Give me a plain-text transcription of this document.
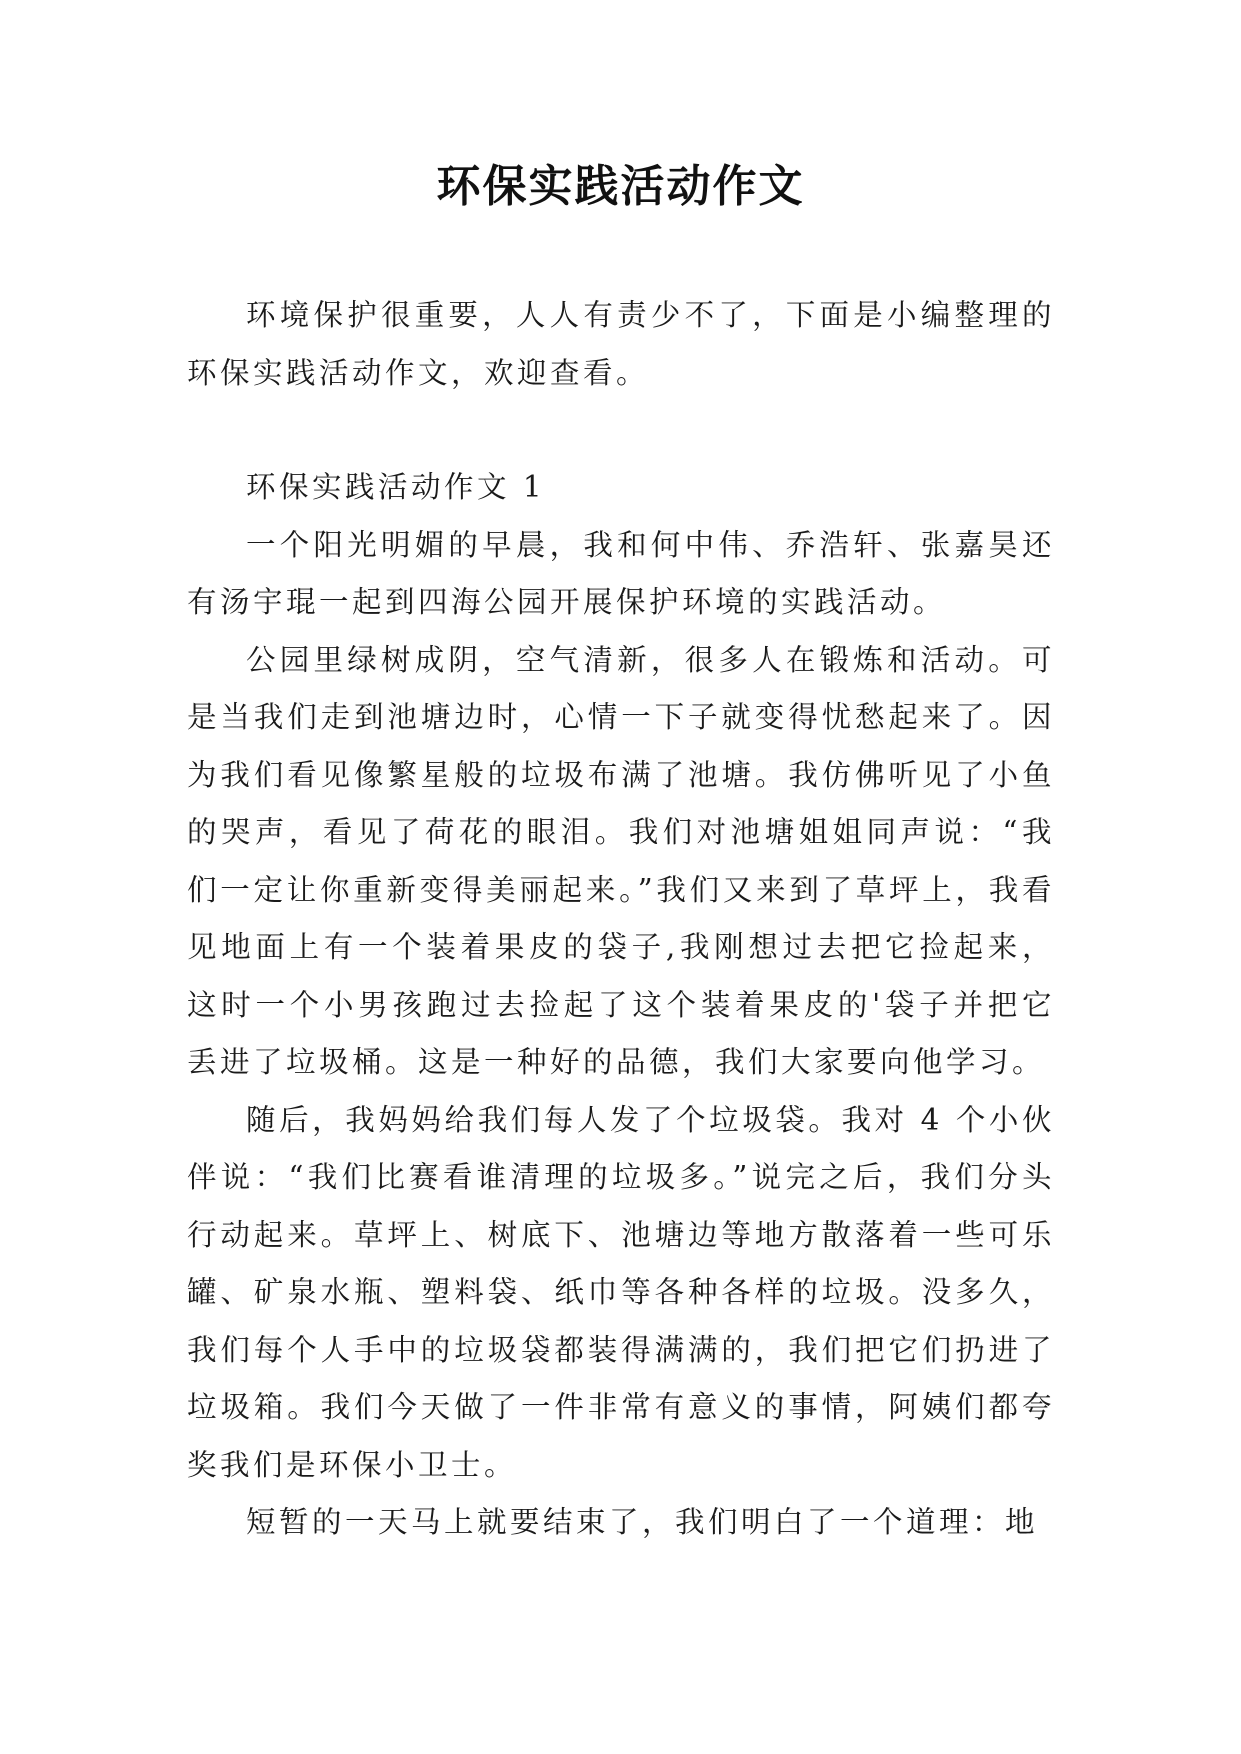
环保实践活动作文

环境保护很重要，人人有责少不了，下面是小编整理的环保实践活动作文，欢迎查看。

环保实践活动作文 1

一个阳光明媚的早晨，我和何中伟、乔浩轩、张嘉昊还有汤宇琨一起到四海公园开展保护环境的实践活动。

公园里绿树成阴，空气清新，很多人在锻炼和活动。可是当我们走到池塘边时，心情一下子就变得忧愁起来了。因为我们看见像繁星般的垃圾布满了池塘。我仿佛听见了小鱼的哭声，看见了荷花的眼泪。我们对池塘姐姐同声说：“我们一定让你重新变得美丽起来。”我们又来到了草坪上，我看见地面上有一个装着果皮的袋子,我刚想过去把它捡起来，这时一个小男孩跑过去捡起了这个装着果皮的'袋子并把它丢进了垃圾桶。这是一种好的品德，我们大家要向他学习。

随后，我妈妈给我们每人发了个垃圾袋。我对 4 个小伙伴说：“我们比赛看谁清理的垃圾多。”说完之后，我们分头行动起来。草坪上、树底下、池塘边等地方散落着一些可乐罐、矿泉水瓶、塑料袋、纸巾等各种各样的垃圾。没多久，我们每个人手中的垃圾袋都装得满满的，我们把它们扔进了垃圾箱。我们今天做了一件非常有意义的事情，阿姨们都夸奖我们是环保小卫士。

短暂的一天马上就要结束了，我们明白了一个道理：地
